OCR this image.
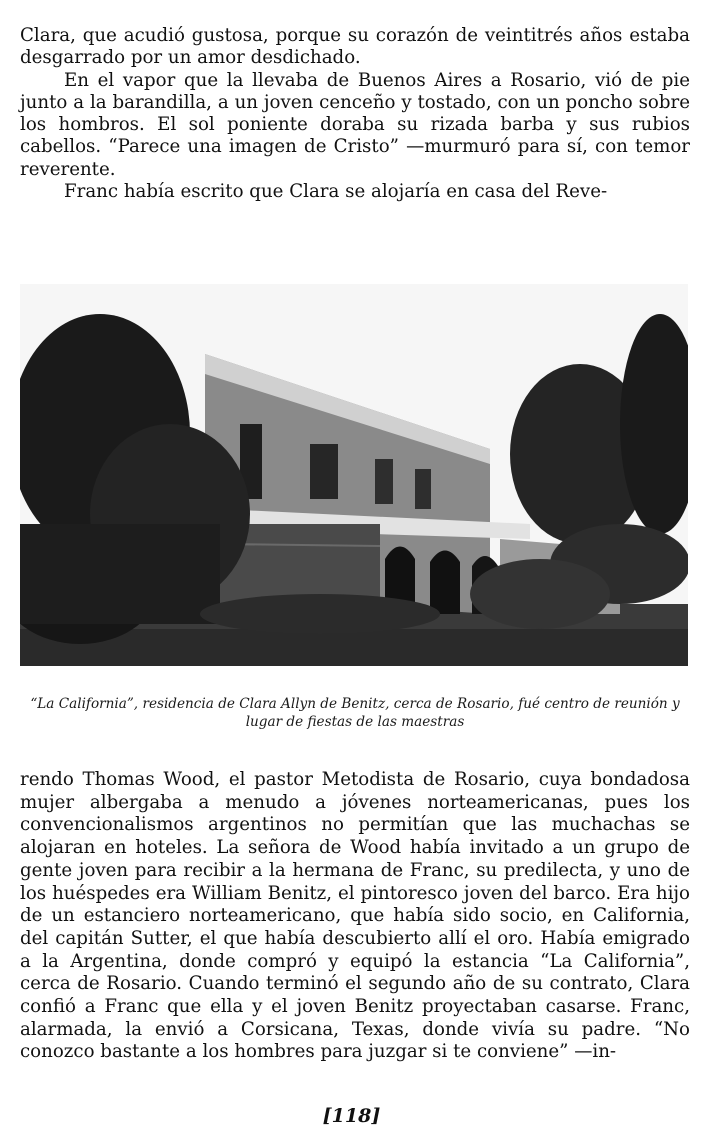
Clara, que acudió gustosa, porque su corazón de veintitrés años estaba desgarrado por un amor desdichado.

En el vapor que la llevaba de Buenos Aires a Rosario, vió de pie junto a la barandilla, a un joven cenceño y tostado, con un poncho sobre los hombros. El sol poniente doraba su rizada barba y sus rubios cabellos. “Parece una imagen de Cristo” —murmuró para sí, con temor reverente.

Franc había escrito que Clara se alojaría en casa del Reve-

“La California”, residencia de Clara Allyn de Benitz, cerca de Rosario, fué centro de reunión y lugar de fiestas de las maestras

rendo Thomas Wood, el pastor Metodista de Rosario, cuya bondadosa mujer albergaba a menudo a jóvenes norteamericanas, pues los convencionalismos argentinos no permitían que las muchachas se alojaran en hoteles. La señora de Wood había invitado a un grupo de gente joven para recibir a la hermana de Franc, su predilecta, y uno de los huéspedes era William Benitz, el pintoresco joven del barco. Era hijo de un estanciero norteamericano, que había sido socio, en California, del capitán Sutter, el que había descubierto allí el oro. Había emigrado a la Argentina, donde compró y equipó la estancia “La California”, cerca de Rosario. Cuando terminó el segundo año de su contrato, Clara confió a Franc que ella y el joven Benitz proyectaban casarse. Franc, alarmada, la envió a Corsicana, Texas, donde vivía su padre. “No conozco bastante a los hombres para juzgar si te conviene” —in-

[118]
